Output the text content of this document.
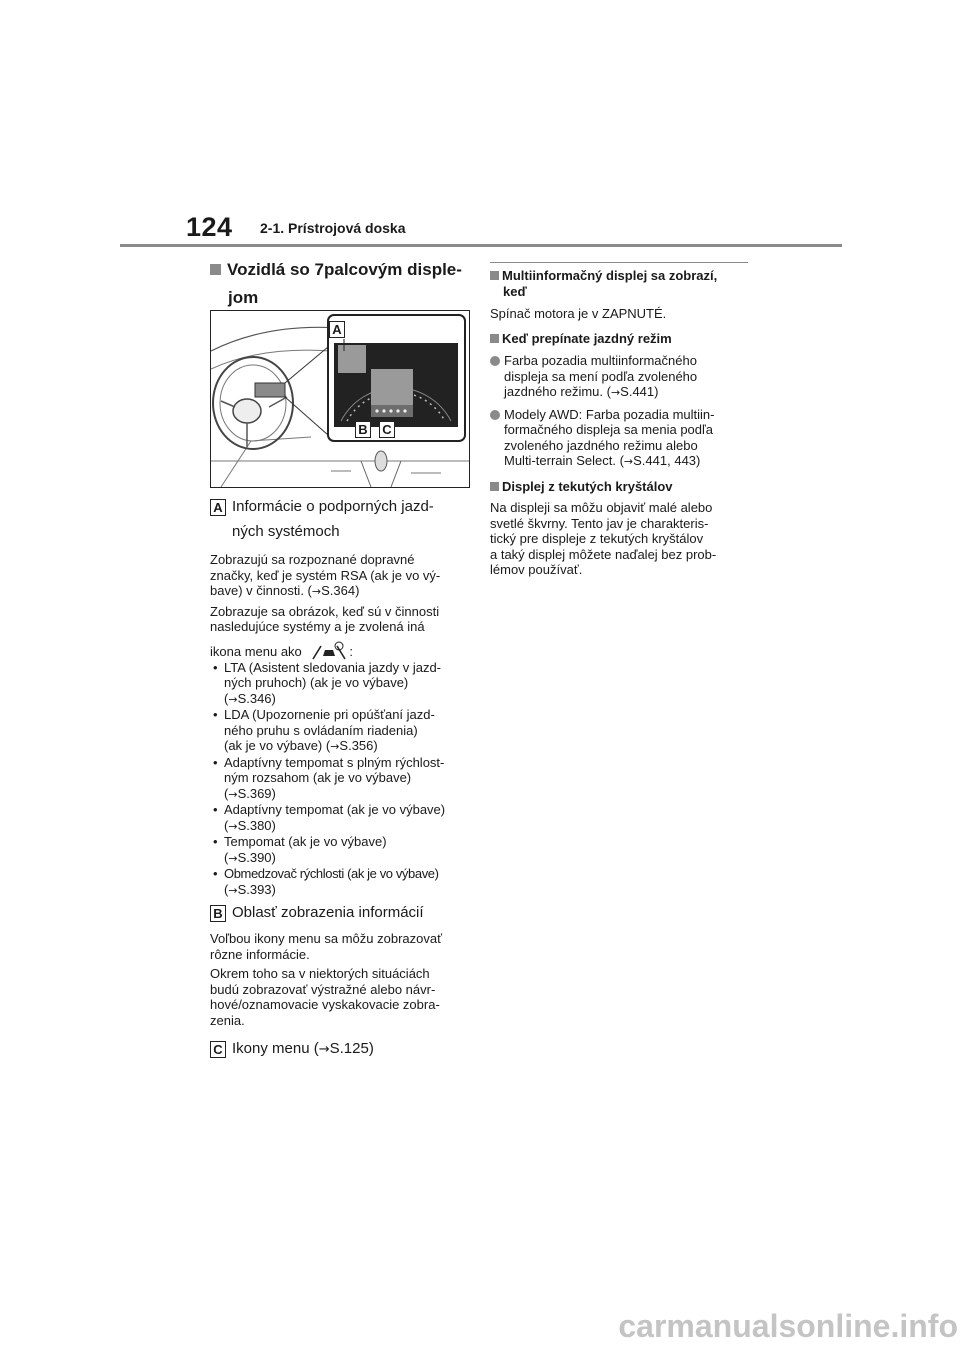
124 2-1. Prístrojová doska
Vozidlá so 7palcovým disple-
jom
A
B C
A Informácie o podporných jazd-
ných systémoch
Zobrazujú sa rozpoznané dopravné
značky, keď je systém RSA (ak je vo vý-
bave) v činnosti. (→S.364)
Zobrazuje sa obrázok, keď sú v činnosti
nasledujúce systémy a je zvolená iná
ikona menu ako	:
• LTA (Asistent sledovania jazdy v jazd-
ných pruhoch) (ak je vo výbave)
(→S.346)
• LDA (Upozornenie pri opúšťaní jazd-
ného pruhu s ovládaním riadenia)
(ak je vo výbave) (→S.356)
• Adaptívny tempomat s plným rýchlost-
ným rozsahom (ak je vo výbave)
(→S.369)
• Adaptívny tempomat (ak je vo výbave)
(→S.380)
• Tempomat (ak je vo výbave)
(→S.390)
• Obmedzovač rýchlosti (ak je vo výbave)
(→S.393)
B Oblasť zobrazenia informácií
Voľbou ikony menu sa môžu zobrazovať
rôzne informácie.
Okrem toho sa v niektorých situáciách
budú zobrazovať výstražné alebo návr-
hové/oznamovacie vyskakovacie zobra-
zenia.
C Ikony menu (→S.125)
Multiinformačný displej sa zobrazí,
keď
Spínač motora je v ZAPNUTÉ.
Keď prepínate jazdný režim
Farba pozadia multiinformačného
displeja sa mení podľa zvoleného
jazdného režimu. (→S.441)
Modely AWD: Farba pozadia multiin-
formačného displeja sa menia podľa
zvoleného jazdného režimu alebo
Multi-terrain Select. (→S.441, 443)
Displej z tekutých kryštálov
Na displeji sa môžu objaviť malé alebo
svetlé škvrny. Tento jav je charakteris-
tický pre displeje z tekutých kryštálov
a taký displej môžete naďalej bez prob-
lémov používať.
carmanualsonline.info
